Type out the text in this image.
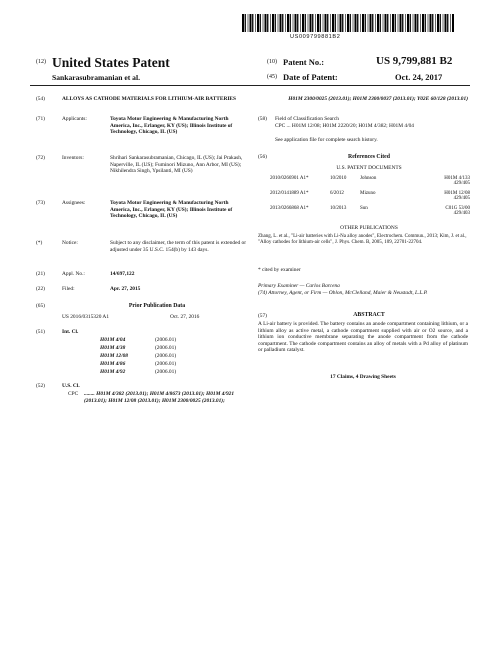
US009799881B2
(12) United States Patent
Sankarasubramanian et al.
(10) Patent No.:	US 9,799,881 B2
(45) Date of Patent:	Oct. 24, 2017
(54)	ALLOYS AS CATHODE MATERIALS FOR LITHIUM-AIR BATTERIES
(71)	Applicants:	Toyota Motor Engineering & Manufacturing North America, Inc., Erlanger, KY (US); Illinois Institute of Technology, Chicago, IL (US)
(72)	Inventors:	Shrihari Sankarasubramanian, Chicago, IL (US); Jai Prakash, Naperville, IL (US); Fuminori Mizuno, Ann Arbor, MI (US); Nikhilendra Singh, Ypsilanti, MI (US)
(73)	Assignees:	Toyota Motor Engineering & Manufacturing North America, Inc., Erlanger, KY (US); Illinois Institute of Technology, Chicago, IL (US)
(*)	Notice:	Subject to any disclaimer, the term of this patent is extended or adjusted under 35 U.S.C. 154(b) by 143 days.
(21)	Appl. No.:	14/697,122
(22)	Filed:	Apr. 27, 2015
(65)	Prior Publication Data
US 2016/0315320 A1	Oct. 27, 2016
(51)	Int. Cl.
H01M 4/04	(2006.01)
H01M 4/38	(2006.01)
H01M 12/08	(2006.01)
H01M 4/86	(2006.01)
H01M 4/92	(2006.01)
(52)	U.S. Cl.
CPC ........ H01M 4/382 (2013.01); H01M 4/8673 (2013.01); H01M 4/921 (2013.01); H01M 12/08 (2013.01); H01M 2300/0025 (2013.01);
H01M 2300/0025 (2013.01); H01M 2300/0037 (2013.01); Y02E 60/128 (2013.01)
(58) Field of Classification Search
CPC ... H01M 12/08; H01M 2220/20; H01M 4/382; H01M 4/04
See application file for complete search history.
(56)	References Cited
U.S. PATENT DOCUMENTS
2010/0266901 A1*	10/2010	Johnson	H01M 4/133 429/405
2012/0141889 A1*	6/2012	Mizuno	H01M 12/08 429/405
2013/0266868 A1*	10/2013	Sun	C01G 53/00 429/403
OTHER PUBLICATIONS
Zhang, L. et al., "Li-air batteries with Li-Na alloy anodes", Electrochem. Commun., 2013; Kim, J. et al., "Alloy cathodes for lithium-air cells", J. Phys. Chem. B, 2005, 109, 22701-22704.
* cited by examiner
Primary Examiner — Carlos Barcena
(74) Attorney, Agent, or Firm — Oblon, McClelland, Maier & Neustadt, L.L.P.
(57)	ABSTRACT
A Li-air battery is provided. The battery contains an anode compartment containing lithium, or a lithium alloy as active metal, a cathode compartment supplied with air or O2 source, and a lithium ion conductive membrane separating the anode compartment from the cathode compartment. The cathode compartment contains an alloy of metals with a Pd alloy of platinum or palladium catalyst.
17 Claims, 4 Drawing Sheets
